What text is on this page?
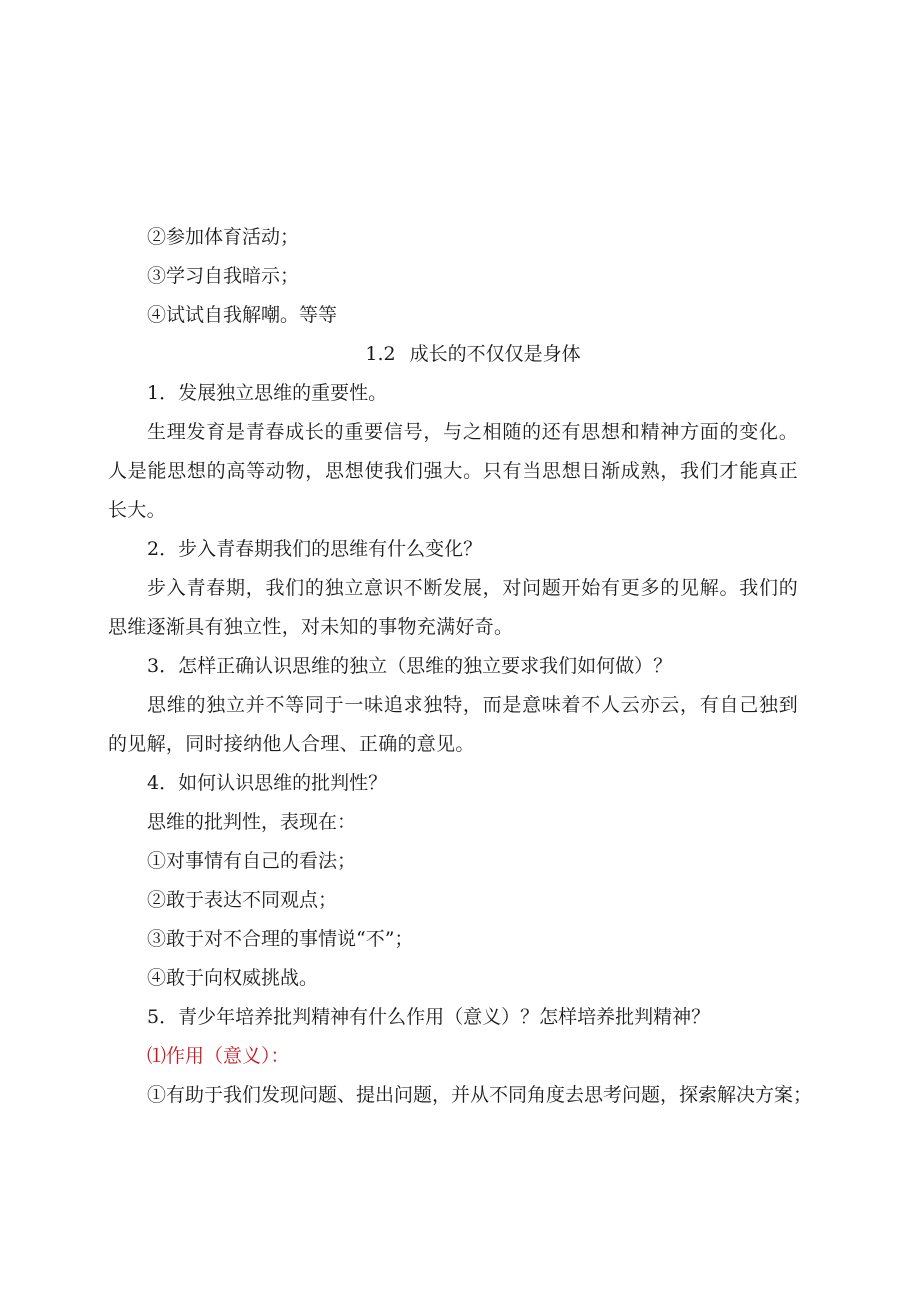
②参加体育活动；
③学习自我暗示；
④试试自我解嘲。等等
1.2 成长的不仅仅是身体
1．发展独立思维的重要性。
生理发育是青春成长的重要信号，与之相随的还有思想和精神方面的变化。人是能思想的高等动物，思想使我们强大。只有当思想日渐成熟，我们才能真正长大。
2．步入青春期我们的思维有什么变化？
步入青春期，我们的独立意识不断发展，对问题开始有更多的见解。我们的思维逐渐具有独立性，对未知的事物充满好奇。
3．怎样正确认识思维的独立（思维的独立要求我们如何做）？
思维的独立并不等同于一味追求独特，而是意味着不人云亦云，有自己独到的见解，同时接纳他人合理、正确的意见。
4．如何认识思维的批判性？
思维的批判性，表现在：
①对事情有自己的看法；
②敢于表达不同观点；
③敢于对不合理的事情说“不”；
④敢于向权威挑战。
5．青少年培养批判精神有什么作用（意义）？怎样培养批判精神？
⑴作用（意义）：
①有助于我们发现问题、提出问题，并从不同角度去思考问题，探索解决方案；
